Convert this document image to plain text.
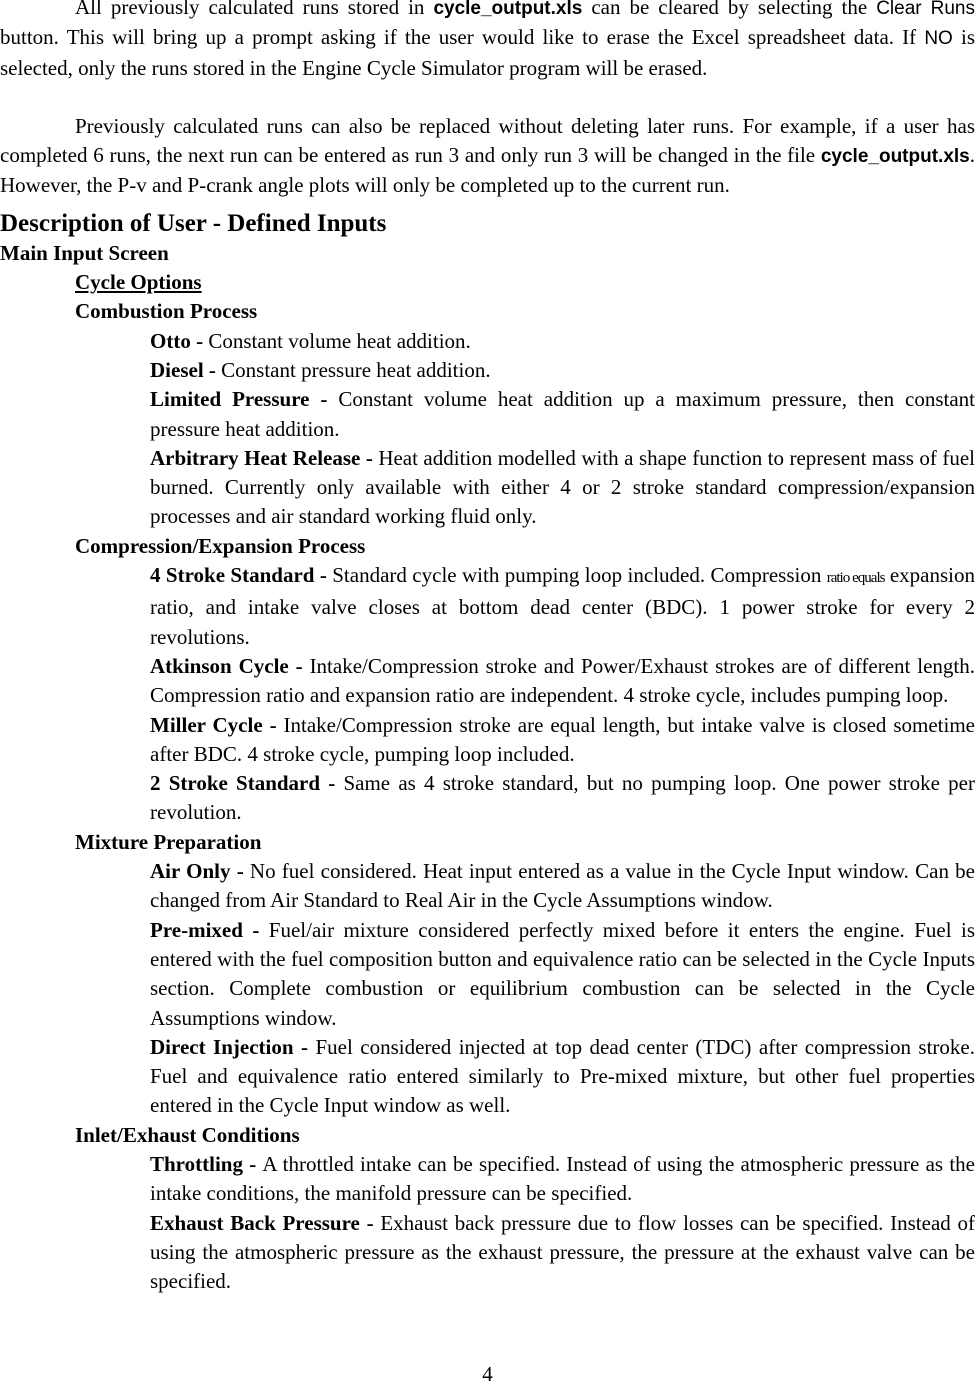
All previously calculated runs stored in cycle_output.xls can be cleared by selecting the Clear Runs button. This will bring up a prompt asking if the user would like to erase the Excel spreadsheet data. If NO is selected, only the runs stored in the Engine Cycle Simulator program will be erased.

Previously calculated runs can also be replaced without deleting later runs. For example, if a user has completed 6 runs, the next run can be entered as run 3 and only run 3 will be changed in the file cycle_output.xls. However, the P-v and P-crank angle plots will only be completed up to the current run.

Description of User - Defined Inputs
Main Input Screen
Cycle Options
Combustion Process

Otto - Constant volume heat addition.

Diesel - Constant pressure heat addition.

Limited Pressure - Constant volume heat addition up a maximum pressure, then constant pressure heat addition.

Arbitrary Heat Release - Heat addition modelled with a shape function to represent mass of fuel burned. Currently only available with either 4 or 2 stroke standard compression/expansion processes and air standard working fluid only.

Compression/Expansion Process

4 Stroke Standard - Standard cycle with pumping loop included. Compression ratio equals expansion ratio, and intake valve closes at bottom dead center (BDC). 1 power stroke for every 2 revolutions.

Atkinson Cycle - Intake/Compression stroke and Power/Exhaust strokes are of different length. Compression ratio and expansion ratio are independent. 4 stroke cycle, includes pumping loop.

Miller Cycle - Intake/Compression stroke are equal length, but intake valve is closed sometime after BDC. 4 stroke cycle, pumping loop included.

2 Stroke Standard - Same as 4 stroke standard, but no pumping loop. One power stroke per revolution.

Mixture Preparation

Air Only - No fuel considered. Heat input entered as a value in the Cycle Input window. Can be changed from Air Standard to Real Air in the Cycle Assumptions window.

Pre-mixed - Fuel/air mixture considered perfectly mixed before it enters the engine. Fuel is entered with the fuel composition button and equivalence ratio can be selected in the Cycle Inputs section. Complete combustion or equilibrium combustion can be selected in the Cycle Assumptions window.

Direct Injection - Fuel considered injected at top dead center (TDC) after compression stroke. Fuel and equivalence ratio entered similarly to Pre-mixed mixture, but other fuel properties entered in the Cycle Input window as well.

Inlet/Exhaust Conditions

Throttling - A throttled intake can be specified. Instead of using the atmospheric pressure as the intake conditions, the manifold pressure can be specified.

Exhaust Back Pressure - Exhaust back pressure due to flow losses can be specified. Instead of using the atmospheric pressure as the exhaust pressure, the pressure at the exhaust valve can be specified.

4
